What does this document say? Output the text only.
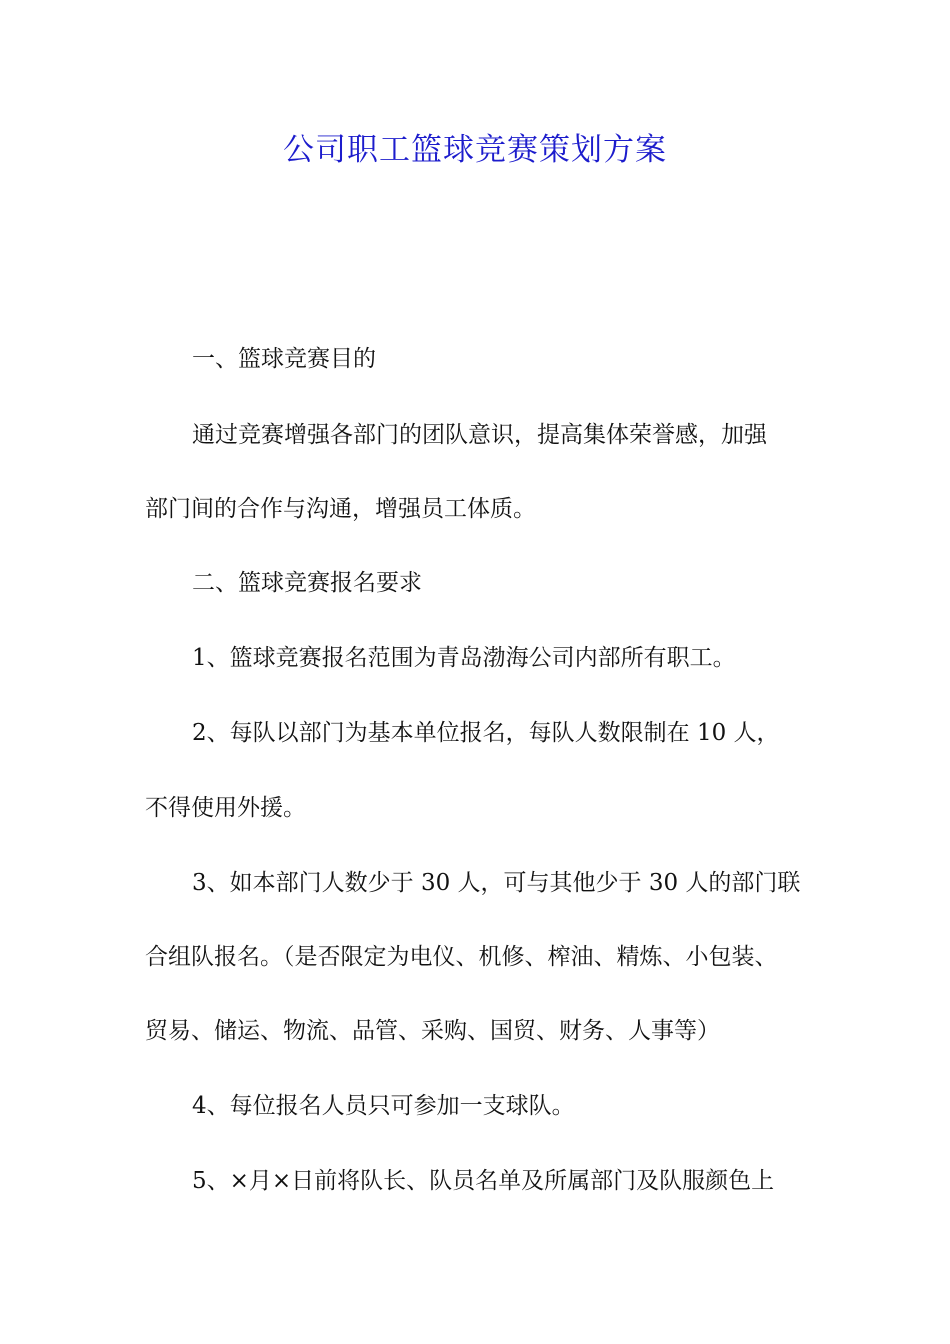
公司职工篮球竞赛策划方案

一、篮球竞赛目的

通过竞赛增强各部门的团队意识，提高集体荣誉感，加强

部门间的合作与沟通，增强员工体质。

二、篮球竞赛报名要求

1、篮球竞赛报名范围为青岛渤海公司内部所有职工。

2、每队以部门为基本单位报名，每队人数限制在 10 人，

不得使用外援。

3、如本部门人数少于 30 人，可与其他少于 30 人的部门联

合组队报名。（是否限定为电仪、机修、榨油、精炼、小包装、

贸易、储运、物流、品管、采购、国贸、财务、人事等）

4、每位报名人员只可参加一支球队。

5、×月×日前将队长、队员名单及所属部门及队服颜色上
